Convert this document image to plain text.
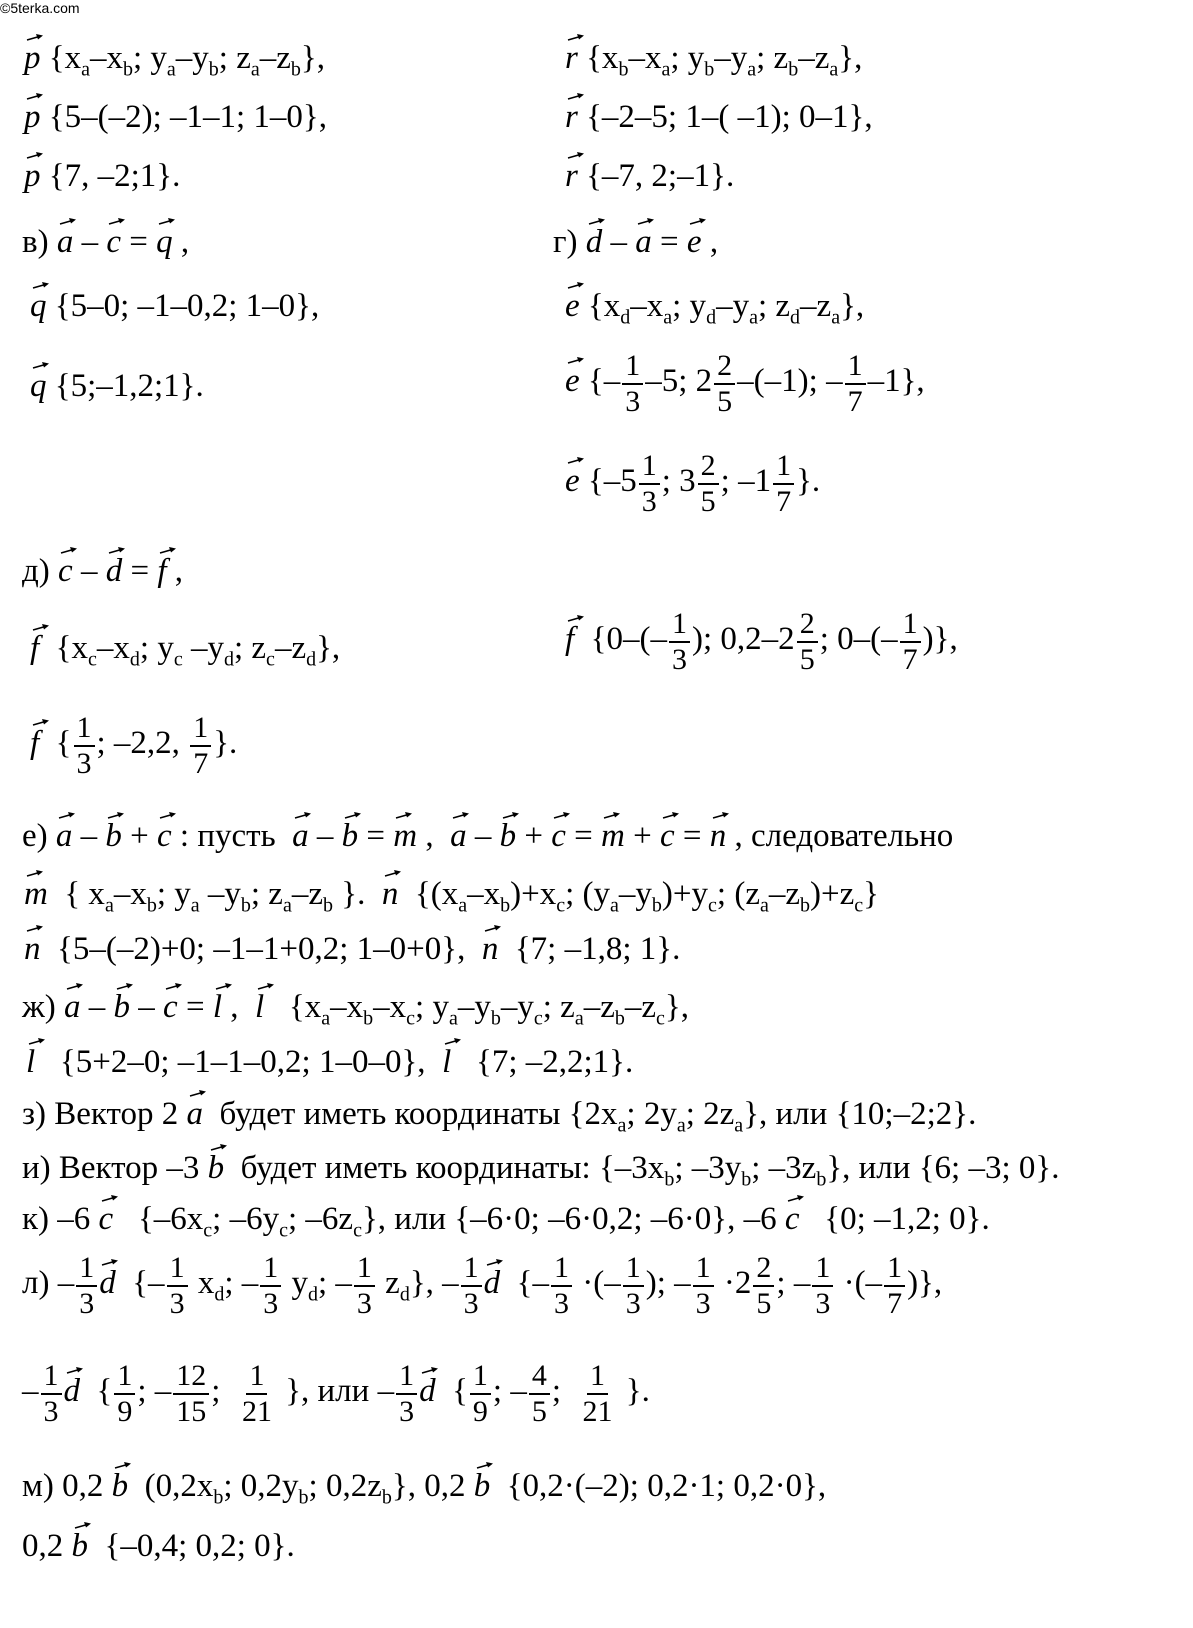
©5terka.com
p
{$x_a-x_b$; $y_a-y_b$; $z_a-z_b$},	r
{$x_b-x_a$; $y_b-y_a$; $z_b-z_a$},
p
{5–(–2); –1–1; 1–0},	r
{–2–5; 1–( –1); 0–1},
p
{7, –2;1}.	r
{–7, 2;–1}.
в) a
– c
= q
,	г) d
– a
= e
,
q
{5–0; –1–0,2; 1–0},	e
{$x_d-x_a$; $y_d-y_a$; $z_d-z_a$},
q
{5;–1,2;1}.	e
{– $\frac{1}{3} -5$; $2 \frac{2}{5} -(-1)$; – $\frac{1}{7} -1$},
e
{$-5 \frac{1}{3}$ ; $3 \frac{2}{5}$ ; $-1 \frac{1}{7}$ }.
д) c
– d
= f
,
f
{$x_c-x_d$; $y_c$ $-y_d$; $z_c-z_d$},	f
{$0-(- \frac{1}{3}$ ); $0,2-2 \frac{2}{5}$ ; $0-(- \frac{1}{7}$ )},
f
{ $\frac{1}{3}$ ; –2,2, $\frac{1}{7}$ }.
е) a
– b
+ c
: пусть  a
– b
= m
,  a
– b
+ c
= m
+ c
= n
, следовательно
m
{ $x_a-x_b$; $y_a$ $-y_b$; $z_a-z_b$ }.  n
{$(x_a-x_b)+x_c$; $(y_a-y_b)+y_c$; $(z_a-z_b)+z_c$}
n
{5–(–2)+0; –1–1+0,2; 1–0+0},  n
{7; –1,8; 1}.
ж) a
– b
– c
= l
,  l
{$x_a-x_b-x_c$; $y_a-y_b-y_c$; $z_a-z_b-z_c$},
l
{5+2–0; –1–1–0,2; 1–0–0},  l
{7; –2,2;1}.
з) Вектор 2 a
будет иметь координаты {$2x_a$; $2y_a$; $2z_a$}, или {10;–2;2}.
и) Вектор –3 b
будет иметь координаты: {$-3x_b$; $-3y_b$; $-3z_b$}, или {6; –3; 0}.
к) –6 c
{$-6x_c$; $-6y_c$; $-6z_c$}, или {–6·0; –6·0,2; –6·0}, –6 c
{0; –1,2; 0}.
$л) - \frac{1}{3}$ d
{– $\frac{1}{3} x_d$; – $\frac{1}{3} y_d$; – $\frac{1}{3} z_d$}, – $\frac{1}{3}$ d
{– $\frac{1}{3}$ ·(– $\frac{1}{3}$ ); – $\frac{1}{3} \cdot 2 \frac{2}{5}$ ; – $\frac{1}{3}$ ·(– $\frac{1}{7}$ )},
– $\frac{1}{3}$ d
{ $\frac{1}{9}$ ; – $\frac{12}{15}$ ; $\frac{1}{21}$ }, или – $\frac{1}{3}$ d
{ $\frac{1}{9}$ ; – $\frac{4}{5}$ ; $\frac{1}{21}$ }.
м) 0,2 b
($0,2x_b$; $0,2y_b$; $0,2z_b$}, 0,2 b
{0,2·(–2); 0,2·1; 0,2·0},
0,2 b
{–0,4; 0,2; 0}.
